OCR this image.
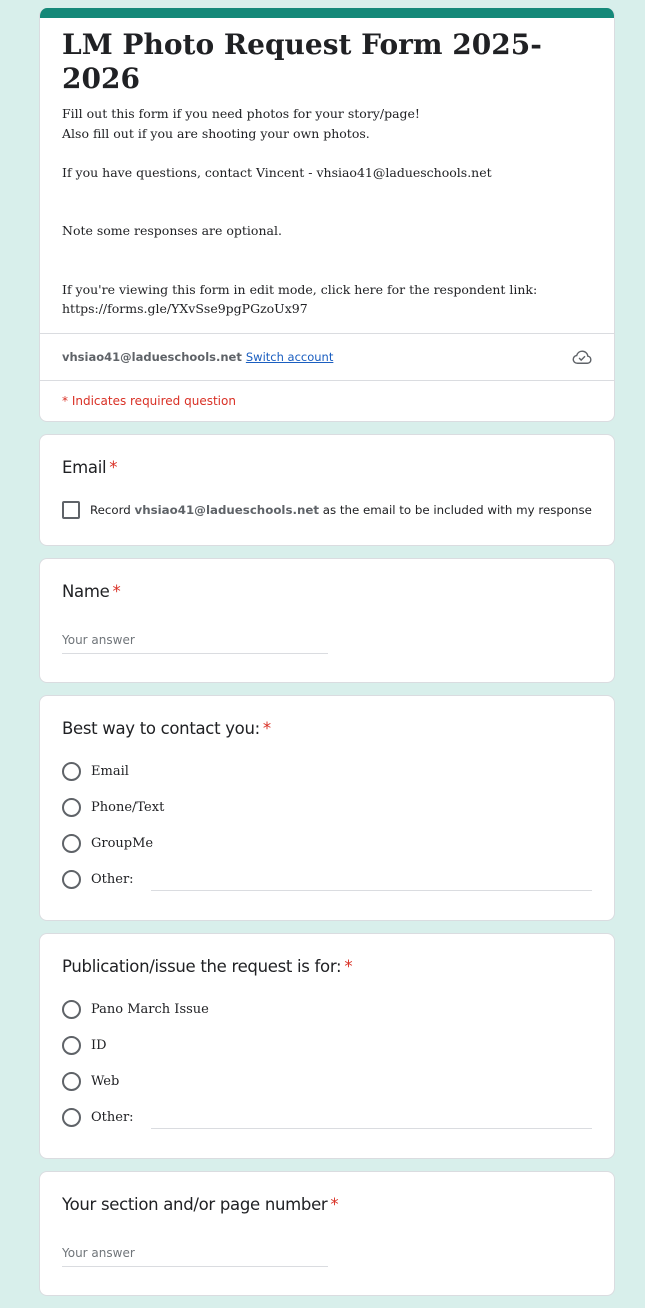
LM Photo Request Form 2025-2026
Fill out this form if you need photos for your story/page!
Also fill out if you are shooting your own photos.
If you have questions, contact Vincent - vhsiao41@ladueschools.net
Note some responses are optional.
If you're viewing this form in edit mode, click here for the respondent link:
https://forms.gle/YXvSse9pgPGzoUx97
vhsiao41@ladueschools.net Switch account
* Indicates required question
Email *
Record
vhsiao41@ladueschools.net
as the email to be included with my response
Name *
Your answer
Best way to contact you: *
Email
Phone/Text
GroupMe
Other:
Publication/issue the request is for: *
Pano March Issue
ID
Web
Other:
Your section and/or page number *
Your answer
